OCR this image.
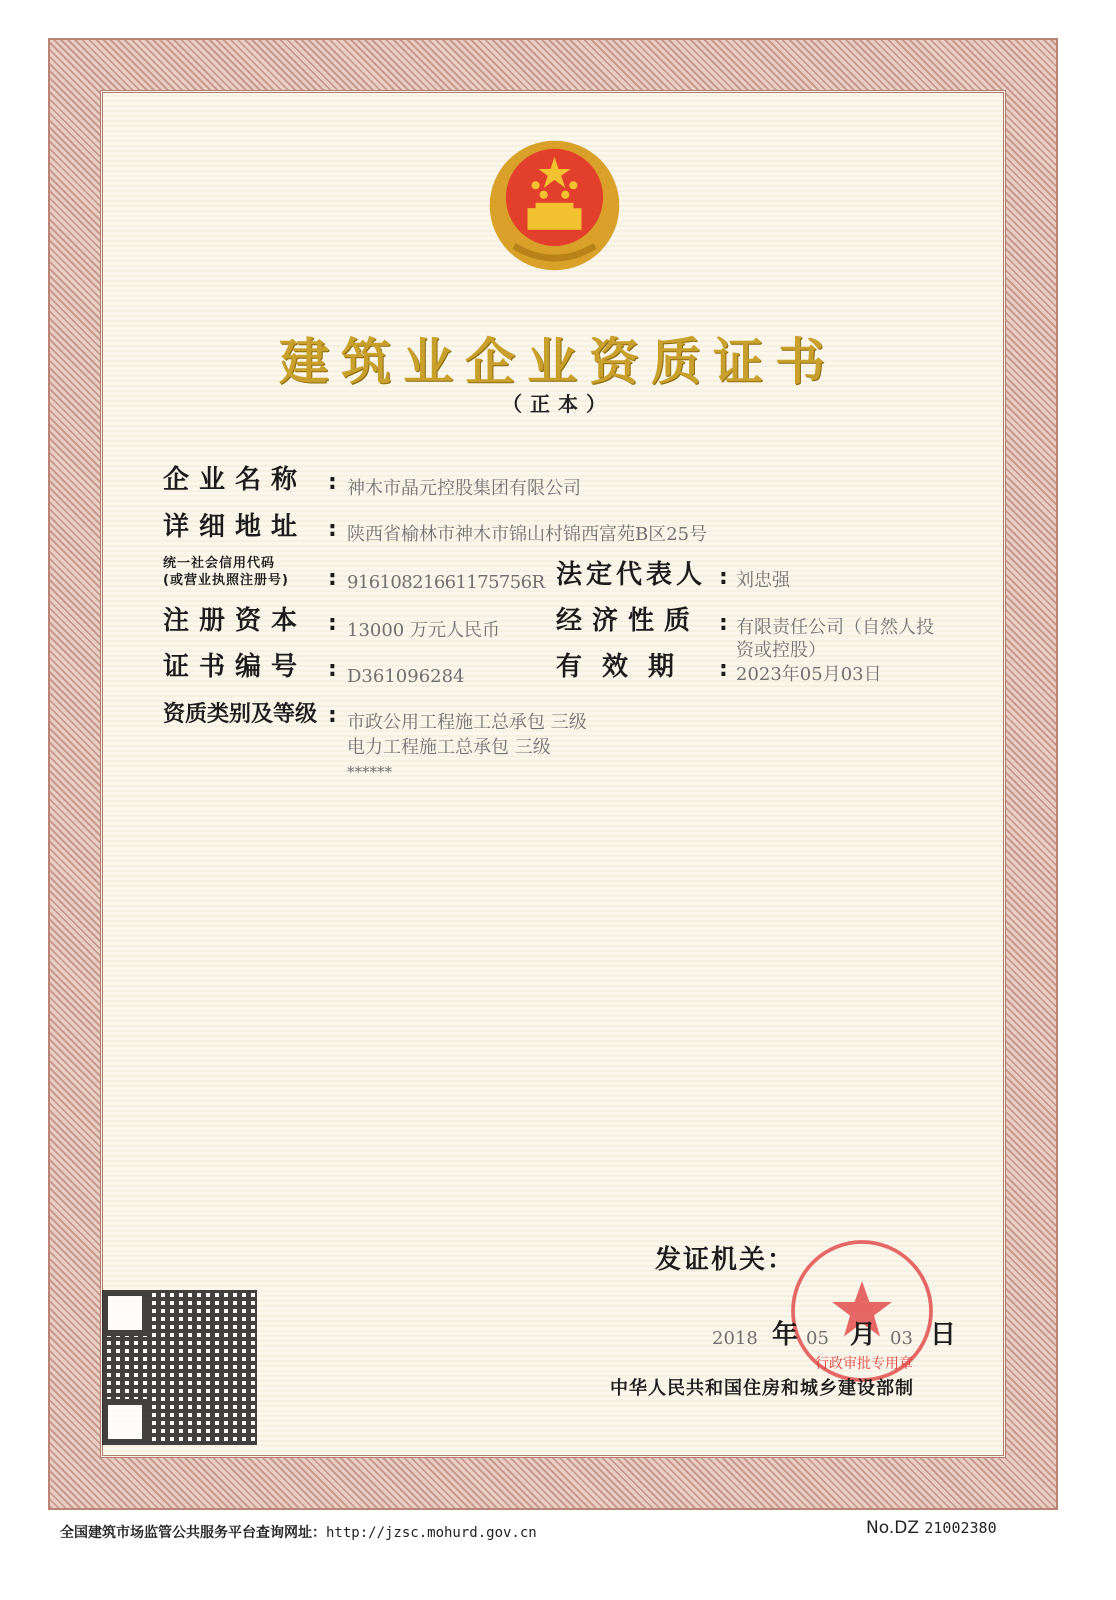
建筑业企业资质证书
（正本）
企业名称 : 神木市晶元控股集团有限公司
详细地址 : 陕西省榆林市神木市锦山村锦西富苑B区25号
统一社会信用代码
(或营业执照注册号) : 91610821661175756R 法定代表人 : 刘忠强
注册资本 : 13000 万元人民币 经济性质 : 有限责任公司（自然人投
资或控股）
证书编号 : D361096284	有效期 : 2023年05月03日
资质类别及等级 : 市政公用工程施工总承包 三级
电力工程施工总承包 三级
******
发证机关：
2018 年 05 月 03 日
行政审批专用章
中华人民共和国住房和城乡建设部制
全国建筑市场监管公共服务平台查询网址：http://jzsc.mohurd.gov.cn	No.DZ 21002380
